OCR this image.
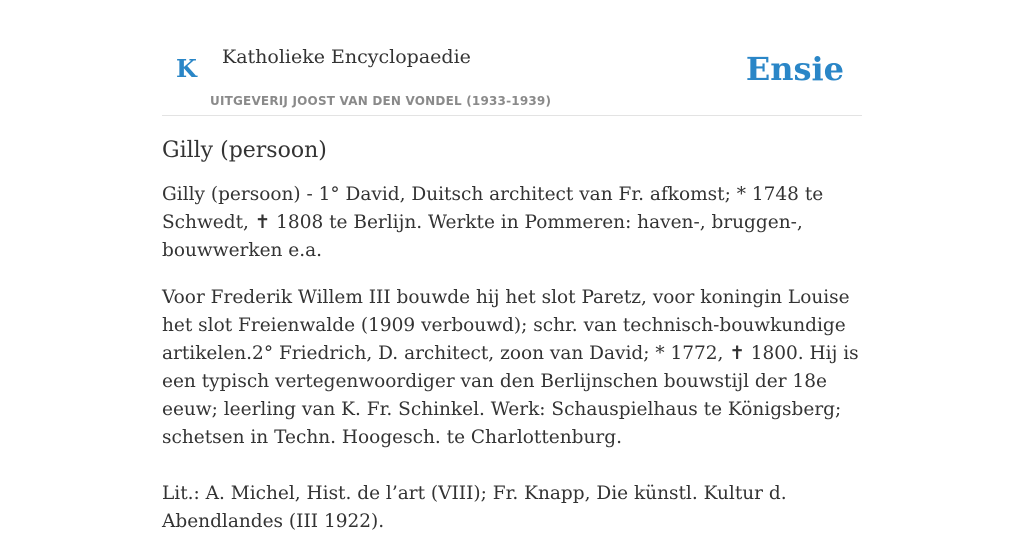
K Katholieke Encyclopaedie
UITGEVERIJ JOOST VAN DEN VONDEL (1933-1939)
Ensie
Gilly (persoon)

Gilly (persoon) - 1° David, Duitsch architect van Fr. afkomst; * 1748 te Schwedt, ✝ 1808 te Berlijn. Werkte in Pommeren: haven-, bruggen-, bouwwerken e.a.

Voor Frederik Willem III bouwde hij het slot Paretz, voor koningin Louise het slot Freienwalde (1909 verbouwd); schr. van technisch-bouwkundige artikelen.2° Friedrich, D. architect, zoon van David; * 1772, ✝ 1800. Hij is een typisch vertegenwoordiger van den Berlijnschen bouwstijl der 18e eeuw; leerling van K. Fr. Schinkel. Werk: Schauspielhaus te Königsberg; schetsen in Techn. Hoogesch. te Charlottenburg.

Lit.: A. Michel, Hist. de l’art (VIII); Fr. Knapp, Die künstl. Kultur d. Abendlandes (III 1922).
